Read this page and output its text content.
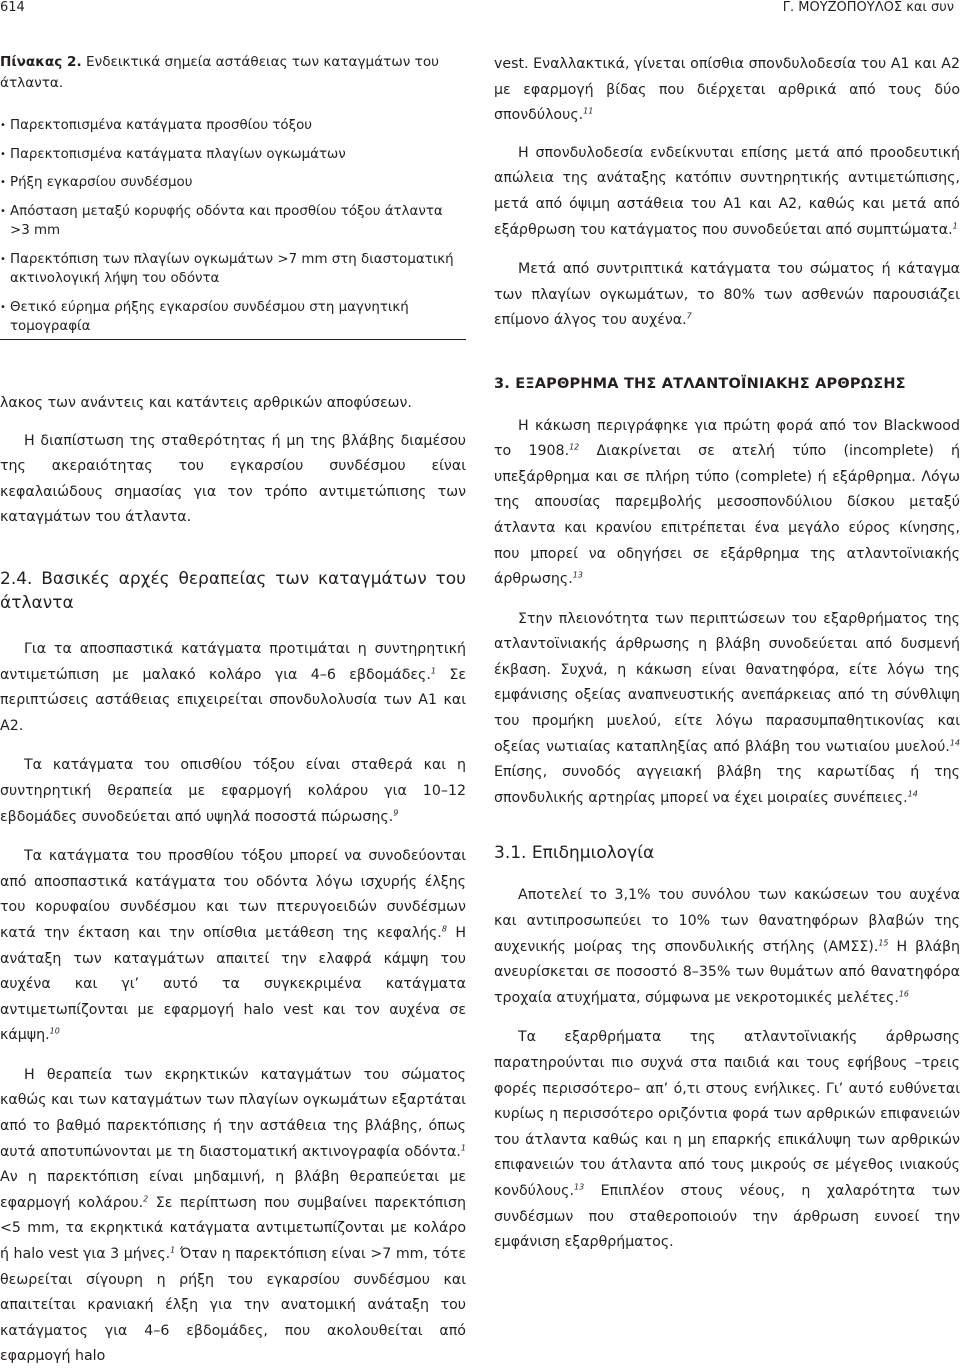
614	Γ. ΜΟΥΖΟΠΟΥΛΟΣ και συν

Πίνακας 2. Ενδεικτικά σημεία αστάθειας των καταγμάτων του άτλαντα.

• Παρεκτοπισμένα κατάγματα προσθίου τόξου
• Παρεκτοπισμένα κατάγματα πλαγίων ογκωμάτων
• Ρήξη εγκαρσίου συνδέσμου
• Απόσταση μεταξύ κορυφής οδόντα και προσθίου τόξου άτλαντα >3 mm
• Παρεκτόπιση των πλαγίων ογκωμάτων >7 mm στη διαστοματική ακτινολογική λήψη του οδόντα
• Θετικό εύρημα ρήξης εγκαρσίου συνδέσμου στη μαγνητική τομογραφία

λακος των ανάντεις και κατάντεις αρθρικών αποφύσεων.

Η διαπίστωση της σταθερότητας ή μη της βλάβης διαμέσου της ακεραιότητας του εγκαρσίου συνδέσμου είναι κεφαλαιώδους σημασίας για τον τρόπο αντιμετώπισης των καταγμάτων του άτλαντα.

2.4. Βασικές αρχές θεραπείας των καταγμάτων του άτλαντα

Για τα αποσπαστικά κατάγματα προτιμάται η συντηρητική αντιμετώπιση με μαλακό κολάρο για 4–6 εβδομάδες.$^1$ Σε περιπτώσεις αστάθειας επιχειρείται σπονδυλολυσία των Α1 και Α2.

Τα κατάγματα του οπισθίου τόξου είναι σταθερά και η συντηρητική θεραπεία με εφαρμογή κολάρου για 10–12 εβδομάδες συνοδεύεται από υψηλά ποσοστά πώρωσης.$^9$

Τα κατάγματα του προσθίου τόξου μπορεί να συνοδεύονται από αποσπαστικά κατάγματα του οδόντα λόγω ισχυρής έλξης του κορυφαίου συνδέσμου και των πτερυγοειδών συνδέσμων κατά την έκταση και την οπίσθια μετάθεση της κεφαλής.$^8$ Η ανάταξη των καταγμάτων απαιτεί την ελαφρά κάμψη του αυχένα και γι’ αυτό τα συγκεκριμένα κατάγματα αντιμετωπίζονται με εφαρμογή halo vest και τον αυχένα σε κάμψη.$^{10}$

Η θεραπεία των εκρηκτικών καταγμάτων του σώματος καθώς και των καταγμάτων των πλαγίων ογκωμάτων εξαρτάται από το βαθμό παρεκτόπισης ή την αστάθεια της βλάβης, όπως αυτά αποτυπώνονται με τη διαστοματική ακτινογραφία οδόντα.$^1$ Αν η παρεκτόπιση είναι μηδαμινή, η βλάβη θεραπεύεται με εφαρμογή κολάρου.$^2$ Σε περίπτωση που συμβαίνει παρεκτόπιση <5 mm, τα εκρηκτικά κατάγματα αντιμετωπίζονται με κολάρο ή halo vest για 3 μήνες.$^1$ Όταν η παρεκτόπιση είναι >7 mm, τότε θεωρείται σίγουρη η ρήξη του εγκαρσίου συνδέσμου και απαιτείται κρανιακή έλξη για την ανατομική ανάταξη του κατάγματος για 4–6 εβδομάδες, που ακολουθείται από εφαρμογή halo

vest. Εναλλακτικά, γίνεται οπίσθια σπονδυλοδεσία του Α1 και Α2 με εφαρμογή βίδας που διέρχεται αρθρικά από τους δύο σπονδύλους.$^{11}$

Η σπονδυλοδεσία ενδείκνυται επίσης μετά από προοδευτική απώλεια της ανάταξης κατόπιν συντηρητικής αντιμετώπισης, μετά από όψιμη αστάθεια του Α1 και Α2, καθώς και μετά από εξάρθρωση του κατάγματος που συνοδεύεται από συμπτώματα.$^1$

Μετά από συντριπτικά κατάγματα του σώματος ή κάταγμα των πλαγίων ογκωμάτων, το 80% των ασθενών παρουσιάζει επίμονο άλγος του αυχένα.$^7$

3. ΕΞΑΡΘΡΗΜΑ ΤΗΣ ΑΤΛΑΝΤΟΪΝΙΑΚΗΣ ΑΡΘΡΩΣΗΣ

Η κάκωση περιγράφηκε για πρώτη φορά από τον Blackwood το 1908.12 Διακρίνεται σε ατελή τύπο (incomplete) ή υπεξάρθρημα και σε πλήρη τύπο (complete) ή εξάρθρημα. Λόγω της απουσίας παρεμβολής μεσοσπονδύλιου δίσκου μεταξύ άτλαντα και κρανίου επιτρέπεται ένα μεγάλο εύρος κίνησης, που μπορεί να οδηγήσει σε εξάρθρημα της ατλαντοϊνιακής άρθρωσης.$^{13}$

Στην πλειονότητα των περιπτώσεων του εξαρθρήματος της ατλαντοϊνιακής άρθρωσης η βλάβη συνοδεύεται από δυσμενή έκβαση. Συχνά, η κάκωση είναι θανατηφόρα, είτε λόγω της εμφάνισης οξείας αναπνευστικής ανεπάρκειας από τη σύνθλιψη του προμήκη μυελού, είτε λόγω παρασυμπαθητικονίας και οξείας νωτιαίας καταπληξίας από βλάβη του νωτιαίου μυελού.$^{14}$ Επίσης, συνοδός αγγειακή βλάβη της καρωτίδας ή της σπονδυλικής αρτηρίας μπορεί να έχει μοιραίες συνέπειες.$^{14}$

3.1. Επιδημιολογία

Αποτελεί το 3,1% του συνόλου των κακώσεων του αυχένα και αντιπροσωπεύει το 10% των θανατηφόρων βλαβών της αυχενικής μοίρας της σπονδυλικής στήλης (ΑΜΣΣ).$^{15}$ Η βλάβη ανευρίσκεται σε ποσοστό 8–35% των θυμάτων από θανατηφόρα τροχαία ατυχήματα, σύμφωνα με νεκροτομικές μελέτες.$^{16}$

Τα εξαρθρήματα της ατλαντοϊνιακής άρθρωσης παρατηρούνται πιο συχνά στα παιδιά και τους εφήβους –τρεις φορές περισσότερο– απ’ ό,τι στους ενήλικες. Γι’ αυτό ευθύνεται κυρίως η περισσότερο οριζόντια φορά των αρθρικών επιφανειών του άτλαντα καθώς και η μη επαρκής επικάλυψη των αρθρικών επιφανειών του άτλαντα από τους μικρούς σε μέγεθος ινιακούς κονδύλους.$^{13}$ Επιπλέον στους νέους, η χαλαρότητα των συνδέσμων που σταθεροποιούν την άρθρωση ευνοεί την εμφάνιση εξαρθρήματος.
